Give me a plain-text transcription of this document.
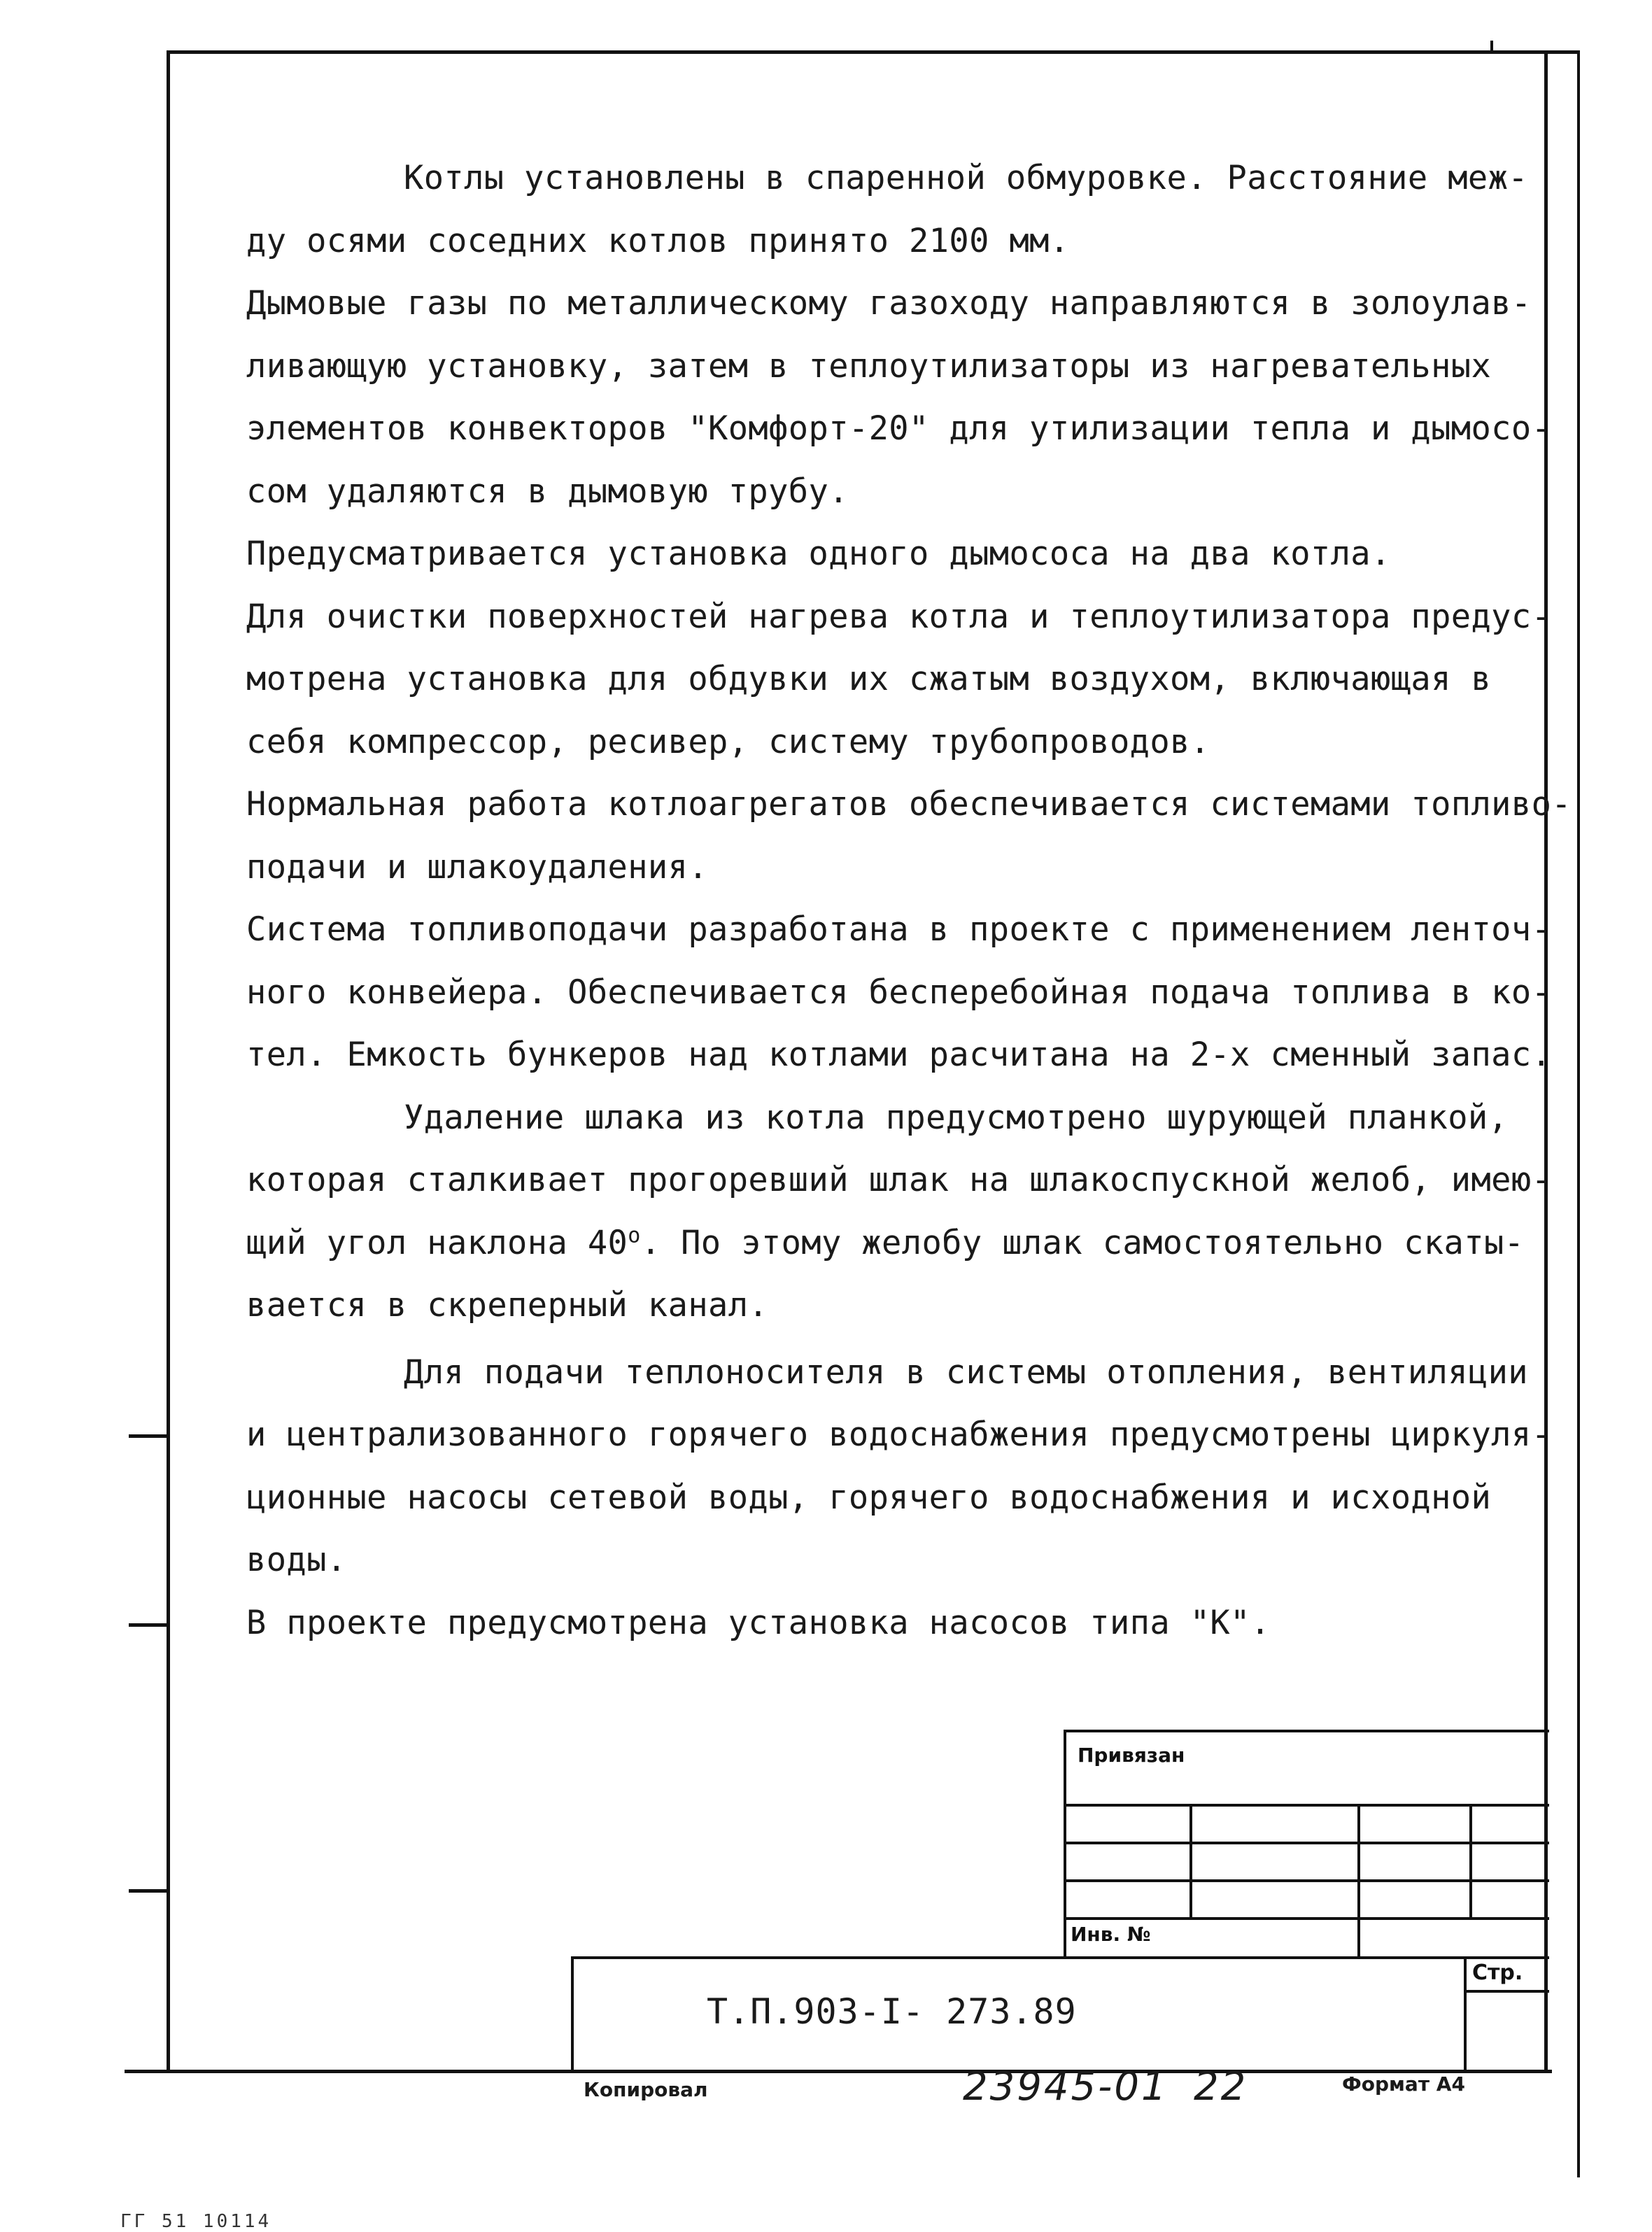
Котлы установлены в спаренной обмуровке. Расстояние меж-

ду осями соседних котлов принято 2100 мм.

Дымовые газы по металлическому газоходу направляются в золоулав-

ливающую установку, затем в теплоутилизаторы из нагревательных

элементов конвекторов "Комфорт-20" для утилизации тепла и дымосо-

сом удаляются в дымовую трубу.

Предусматривается установка одного дымососа на два котла.

Для очистки поверхностей нагрева котла и теплоутилизатора предус-

мотрена установка для обдувки их сжатым воздухом, включающая в

себя компрессор, ресивер, систему трубопроводов.

Нормальная работа котлоагрегатов обеспечивается системами топливо-

подачи и шлакоудаления.

Система топливоподачи разработана в проекте с применением ленточ-

ного конвейера. Обеспечивается бесперебойная подача топлива в ко-

тел. Емкость бункеров над котлами расчитана на 2-х сменный запас.

Удаление шлака из котла предусмотрено шурующей планкой,

которая сталкивает прогоревший шлак на шлакоспускной желоб, имею-

щий угол наклона $40^о$. По этому желобу шлак самостоятельно скаты-

вается в скреперный канал.

Для подачи теплоносителя в системы отопления, вентиляции

и централизованного горячего водоснабжения предусмотрены циркуля-

ционные насосы сетевой воды, горячего водоснабжения и исходной

воды.

В проекте предусмотрена установка насосов типа "К".

Привязан
Инв. №
Стр.
Т.П.903-I- 273.89
Копировал	23945-01 22	Формат А4
ГГ 51 10114
